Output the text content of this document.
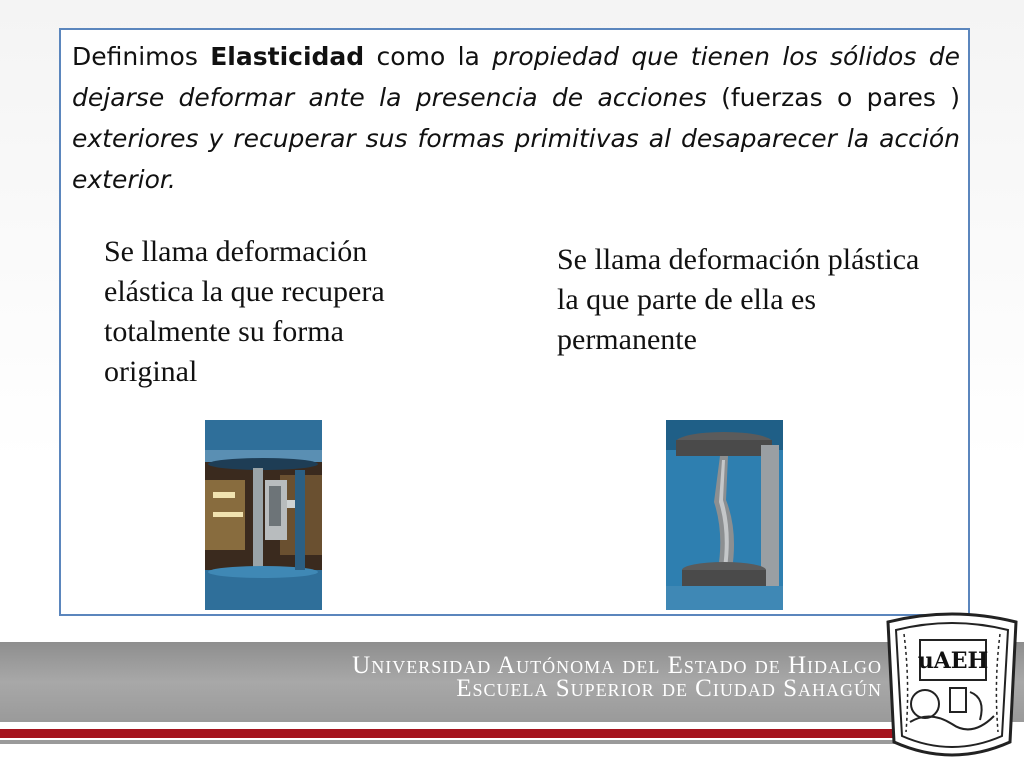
Definimos Elasticidad como la propiedad que tienen los sólidos de dejarse deformar ante la presencia de acciones (fuerzas o pares ) exteriores y recuperar sus formas primitivas al desaparecer la acción exterior.

Se llama deformación elástica la que recupera totalmente su forma original

Se llama deformación plástica la que parte de ella es permanente

Universidad Autónoma del Estado de Hidalgo

Escuela Superior de Ciudad Sahagún

uAEH
